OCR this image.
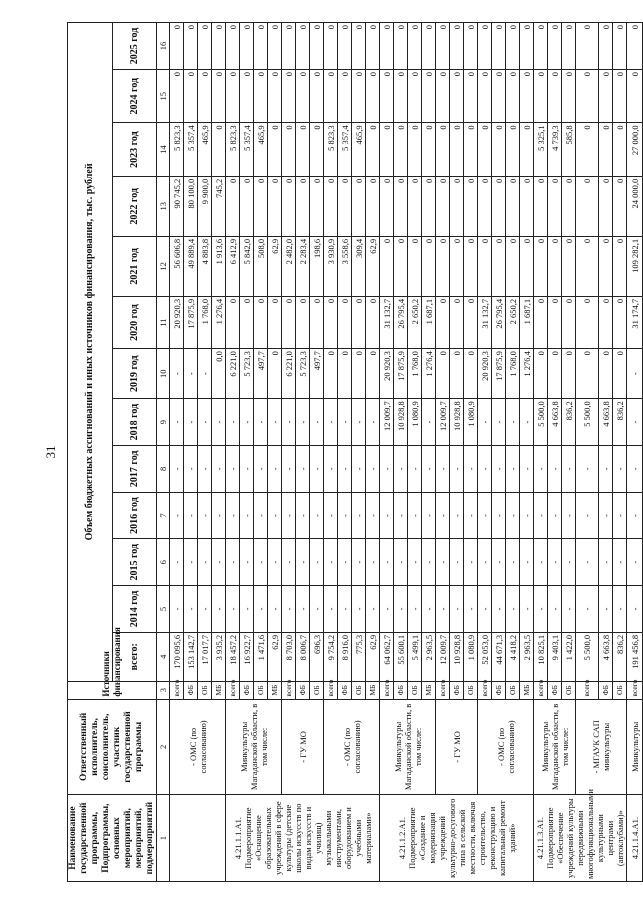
31
Наименование государственной программы, Подпрограммы, основных мероприятий, мероприятий, подмероприятий	Ответственный исполнитель, соисполнитель, участник государственной программы	Источники финансирования	Объем бюджетных ассигнований и иных источников финансирования, тыс. рублей												
			всего:	2014 год	2015 год	2016 год	2017 год	2018 год	2019 год	2020 год	2021 год	2022 год	2023 год	2024 год	2025 год
1	2	3	4	5	6	7	8	9	10	11	12	13	14	15	16
	- ОМС (по согласованию)	всего	170 095,6	-	-	-	-	-	-	20 920,3	56 606,8	90 745,2	5 823,3	0	0
		ФБ	153 142,7	-	-	-	-	-	-	17 875,9	49 889,4	80 100,0	5 357,4	0	0
		ОБ	17 017,7	-	-	-	-	-	-	1 768,0	4 883,8	9 900,0	465,9	0	0
		МБ	3 935,2	-	-	-	-	-	0,0	1 276,4	1 913,6	745,2	0	0	0
4.21.1.1.А1. Подмероприятие «Оснащение образовательных учреждений в сфере культуры (детские школы искусств по видам искусств и училищ) музыкальными инструментами, оборудованием и учебными материалами»	Минкультуры Магаданской области, в том числе:	всего	18 457,2	-	-	-	-	-	6 221,0	0	6 412,9	0	5 823,3	0	0
		ФБ	16 922,7	-	-	-	-	-	5 723,3	0	5 842,0	0	5 357,4	0	0
		ОБ	1 471,6	-	-	-	-	-	497,7	0	508,0	0	465,9	0	0
		МБ	62,9	-	-	-	-	-	0	0	62,9	0	0	0	0
	- ГУ МО	всего	8 703,0	-	-	-	-	-	6 221,0	0	2 482,0	0	0	0	0
		ФБ	8 006,7	-	-	-	-	-	5 723,3	0	2 283,4	0	0	0	0
		ОБ	696,3	-	-	-	-	-	497,7	0	198,6	0	0	0	0
	- ОМС (по согласованию)	всего	9 754,2	-	-	-	-	-	0	0	3 930,9	0	5 823,3	0	0
		ФБ	8 916,0	-	-	-	-	-	0	0	3 558,6	0	5 357,4	0	0
		ОБ	775,3	-	-	-	-	-	0	0	309,4	0	465,9	0	0
		МБ	62,9	-	-	-	-	-	0	0	62,9	0	0	0	0
4.21.1.2.А1. Подмероприятие «Создание и модернизация учреждений культурно-досугового типа в сельской местности, включая строительство, реконструкцию и капитальный ремонт зданий»	Минкультуры Магаданской области, в том числе:	всего	64 062,7	-	-	-	-	12 009,7	20 920,3	31 132,7	0	0	0	0	0
		ФБ	55 600,1	-	-	-	-	10 928,8	17 875,9	26 795,4	0	0	0	0	0
		ОБ	5 499,1	-	-	-	-	1 080,9	1 768,0	2 650,2	0	0	0	0	0
		МБ	2 963,5	-	-	-	-	-	1 276,4	1 687,1	0	0	0	0	0
	- ГУ МО	всего	12 009,7	-	-	-	-	12 009,7	0	0	0	0	0	0	0
		ФБ	10 928,8	-	-	-	-	10 928,8	0	0	0	0	0	0	0
		ОБ	1 080,9	-	-	-	-	1 080,9	0	0	0	0	0	0	0
	- ОМС (по согласованию)	всего	52 053,0	-	-	-	-	-	20 920,3	31 132,7	0	0	0	0	0
		ФБ	44 671,3	-	-	-	-	-	17 875,9	26 795,4	0	0	0	0	0
		ОБ	4 418,2	-	-	-	-	-	1 768,0	2 650,2	0	0	0	0	0
		МБ	2 963,5	-	-	-	-	-	1 276,4	1 687,1	0	0	0	0	0
4.21.1.3.А1. Подмероприятие «Обеспечение учреждений культуры передвижными многофункциональными культурными центрами (автоклубами)»	Минкультуры Магаданской области, в том числе:	всего	10 825,1	-	-	-	-	5 500,0	0	0	0	0	5 325,1	0	0
		ФБ	9 403,1	-	-	-	-	4 663,8	0	0	0	0	4 739,3	0	0
		ОБ	1 422,0	-	-	-	-	836,2	0	0	0	0	585,8	0	0
	- МГАУК САП минкультуры	всего	5 500,0	-	-	-	-	5 500,0	0	0	0	0	0	0	0
		ФБ	4 663,8	-	-	-	-	4 663,8	0	0	0	0	0	0	0
		ОБ	836,2	-	-	-	-	836,2	0	0	0	0	0	0	0
4.21.1.4.А1.	Минкультуры	всего	191 456,8	-	-	-	-	-	-	31 174,7	109 282,1	24 000,0	27 000,0	0	0
